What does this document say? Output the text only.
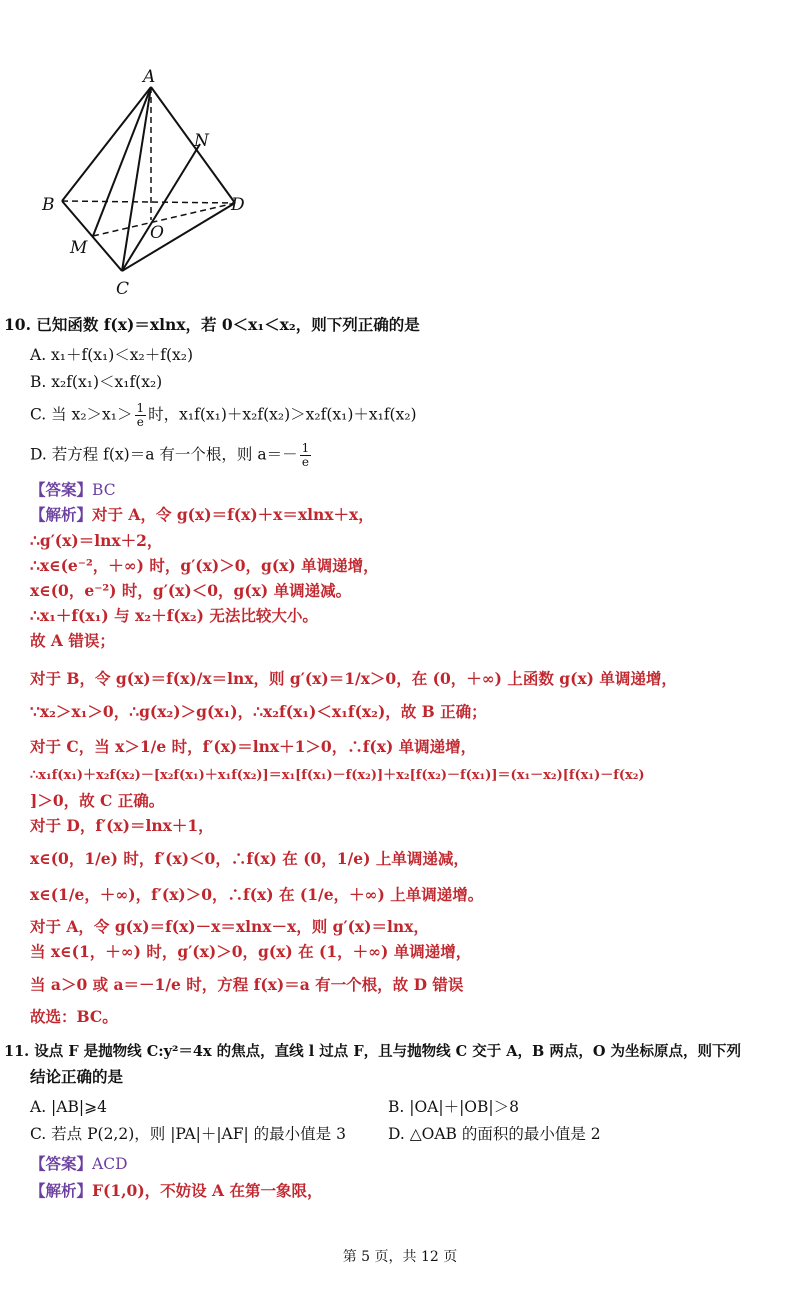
A
B
C
D
M
N
O
10. 已知函数 f(x)＝xlnx，若 0＜x₁＜x₂，则下列正确的是
A. x₁＋f(x₁)＜x₂＋f(x₂)
B. x₂f(x₁)＜x₁f(x₂)
C. 当 $x_2>x_1> \frac{1}{e}$ 时，x₁f(x₁)＋x₂f(x₂)＞x₂f(x₁)＋x₁f(x₂)
D. 若方程 f(x)＝a 有一个根，则 $a=- \frac{1}{e}$
【答案】BC
【解析】对于 A，令 g(x)＝f(x)＋x＝xlnx＋x，
∴g′(x)＝lnx＋2，
∴x∈(e⁻²，＋∞) 时，g′(x)＞0，g(x) 单调递增，
x∈(0，e⁻²) 时，g′(x)＜0，g(x) 单调递减。
∴x₁＋f(x₁) 与 x₂＋f(x₂) 无法比较大小。
故 A 错误；
对于 B，令 g(x)＝f(x)/x＝lnx，则 g′(x)＝1/x＞0，在 (0，＋∞) 上函数 g(x) 单调递增，
∵x₂＞x₁＞0，∴g(x₂)＞g(x₁)，∴x₂f(x₁)＜x₁f(x₂)，故 B 正确；
对于 C，当 x＞1/e 时，f′(x)＝lnx＋1＞0，∴f(x) 单调递增，
∴x₁f(x₁)＋x₂f(x₂)－[x₂f(x₁)＋x₁f(x₂)]＝x₁[f(x₁)－f(x₂)]＋x₂[f(x₂)－f(x₁)]＝(x₁－x₂)[f(x₁)－f(x₂)
]＞0，故 C 正确。
对于 D，f′(x)＝lnx＋1，
x∈(0，1/e) 时，f′(x)＜0，∴f(x) 在 (0，1/e) 上单调递减，
x∈(1/e，＋∞)，f′(x)＞0，∴f(x) 在 (1/e，＋∞) 上单调递增。
对于 A，令 g(x)＝f(x)－x＝xlnx－x，则 g′(x)＝lnx，
当 x∈(1，＋∞) 时，g′(x)＞0，g(x) 在 (1，＋∞) 单调递增，
当 a＞0 或 a＝－1/e 时，方程 f(x)＝a 有一个根，故 D 错误
故选：BC。
11. 设点 F 是抛物线 C:y²＝4x 的焦点，直线 l 过点 F，且与抛物线 C 交于 A，B 两点，O 为坐标原点，则下列
结论正确的是
A. |AB|⩾4	B. |OA|＋|OB|＞8
C. 若点 P(2,2)，则 |PA|＋|AF| 的最小值是 3	D. △OAB 的面积的最小值是 2
【答案】ACD
【解析】F(1,0)，不妨设 A 在第一象限，
第 5 页，共 12 页
